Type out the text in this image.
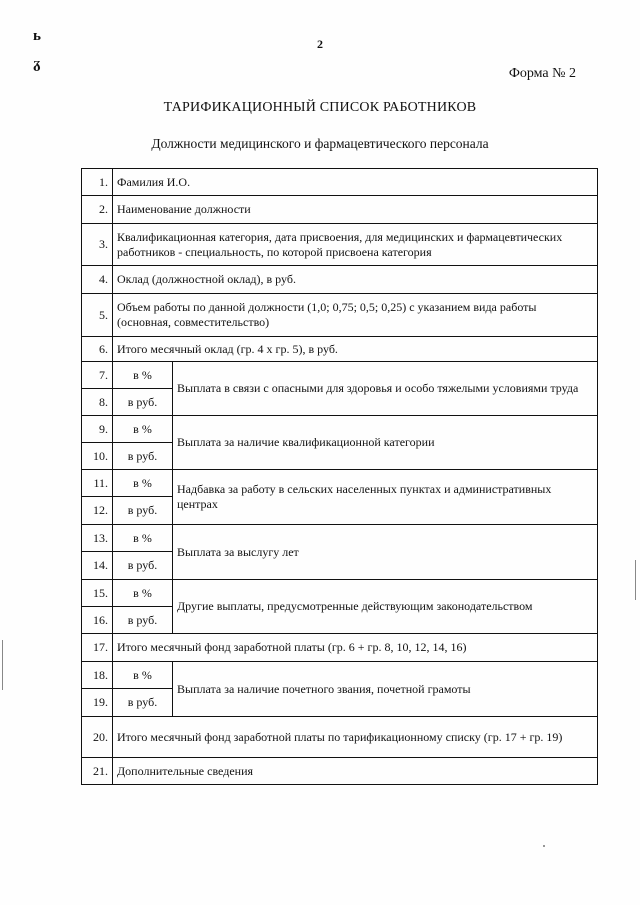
ь
ᵹ
2
Форма № 2
ТАРИФИКАЦИОННЫЙ СПИСОК РАБОТНИКОВ
Должности медицинского и фармацевтического персонала
1.	Фамилия И.О.	
2.	Наименование должности	
3.	Квалификационная категория, дата присвоения, для медицинских и фармацевтических работников - специальность, по которой присвоена категория	
4.	Оклад (должностной оклад), в руб.	
5.	Объем работы по данной должности (1,0; 0,75; 0,5; 0,25) с указанием вида работы (основная, совместительство)	
6.	Итого месячный оклад (гр. 4 х гр. 5), в руб.	
7.	в %	Выплата в связи с опасными для здоровья и особо тяжелыми условиями труда
8.	в руб.	
9.	в %	Выплата за наличие квалификационной категории
10.	в руб.	
11.	в %	Надбавка за работу в сельских населенных пунктах и административных центрах
12.	в руб.	
13.	в %	Выплата за выслугу лет
14.	в руб.	
15.	в %	Другие выплаты, предусмотренные действующим законодательством
16.	в руб.	
17.	Итого месячный фонд заработной платы (гр. 6 + гр. 8, 10, 12, 14, 16)	
18.	в %	Выплата за наличие почетного звания, почетной грамоты
19.	в руб.	
20.	Итого месячный фонд заработной платы по тарификационному списку (гр. 17 + гр. 19)	
21.	Дополнительные сведения	
